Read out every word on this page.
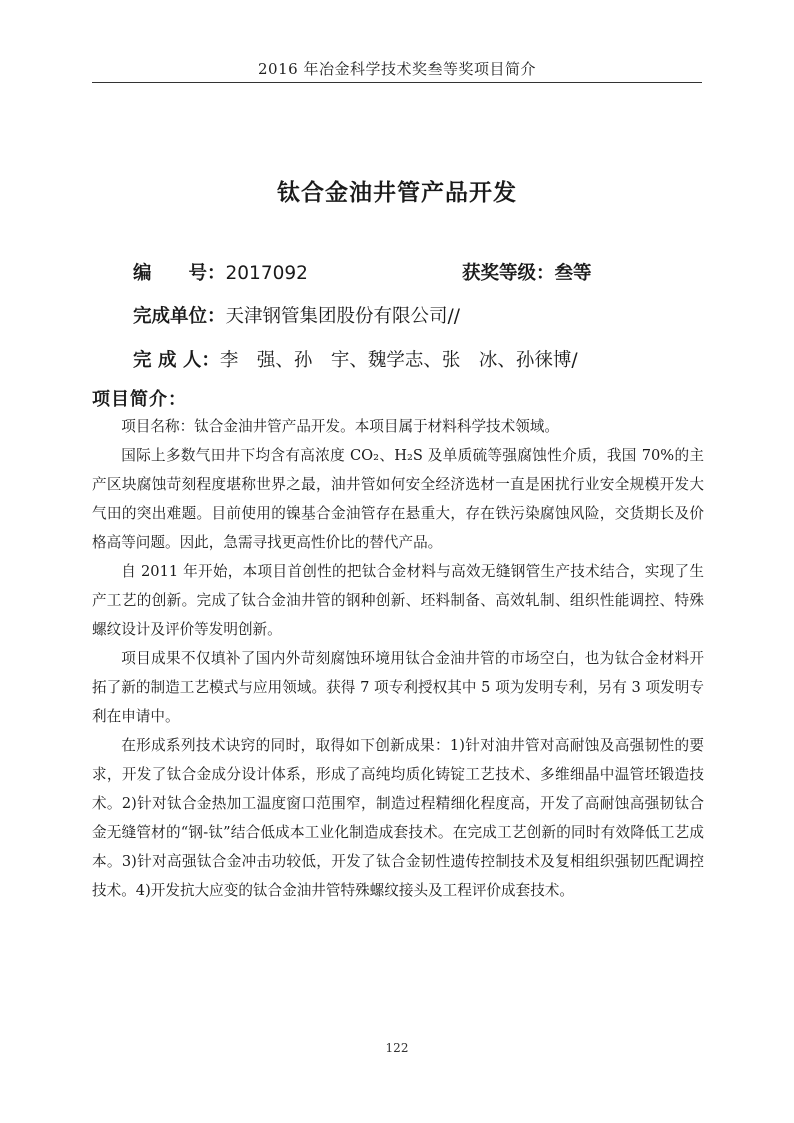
2016 年冶金科学技术奖叁等奖项目简介
钛合金油井管产品开发
编　　号：2017092	获奖等级：叁等
完成单位：天津钢管集团股份有限公司//
完 成 人：李　强、孙　宇、魏学志、张　冰、孙徕博/
项目简介：

项目名称：钛合金油井管产品开发。本项目属于材料科学技术领域。

国际上多数气田井下均含有高浓度 CO₂、H₂S 及单质硫等强腐蚀性介质，我国 70%的主产区块腐蚀苛刻程度堪称世界之最，油井管如何安全经济选材一直是困扰行业安全规模开发大气田的突出难题。目前使用的镍基合金油管存在悬重大，存在铁污染腐蚀风险，交货期长及价格高等问题。因此，急需寻找更高性价比的替代产品。

自 2011 年开始，本项目首创性的把钛合金材料与高效无缝钢管生产技术结合，实现了生产工艺的创新。完成了钛合金油井管的钢种创新、坯料制备、高效轧制、组织性能调控、特殊螺纹设计及评价等发明创新。

项目成果不仅填补了国内外苛刻腐蚀环境用钛合金油井管的市场空白，也为钛合金材料开拓了新的制造工艺模式与应用领域。获得 7 项专利授权其中 5 项为发明专利，另有 3 项发明专利在申请中。

在形成系列技术诀窍的同时，取得如下创新成果：1)针对油井管对高耐蚀及高强韧性的要求，开发了钛合金成分设计体系，形成了高纯均质化铸锭工艺技术、多维细晶中温管坯锻造技术。2)针对钛合金热加工温度窗口范围窄，制造过程精细化程度高，开发了高耐蚀高强韧钛合金无缝管材的“钢-钛”结合低成本工业化制造成套技术。在完成工艺创新的同时有效降低工艺成本。3)针对高强钛合金冲击功较低，开发了钛合金韧性遗传控制技术及复相组织强韧匹配调控技术。4)开发抗大应变的钛合金油井管特殊螺纹接头及工程评价成套技术。

122
